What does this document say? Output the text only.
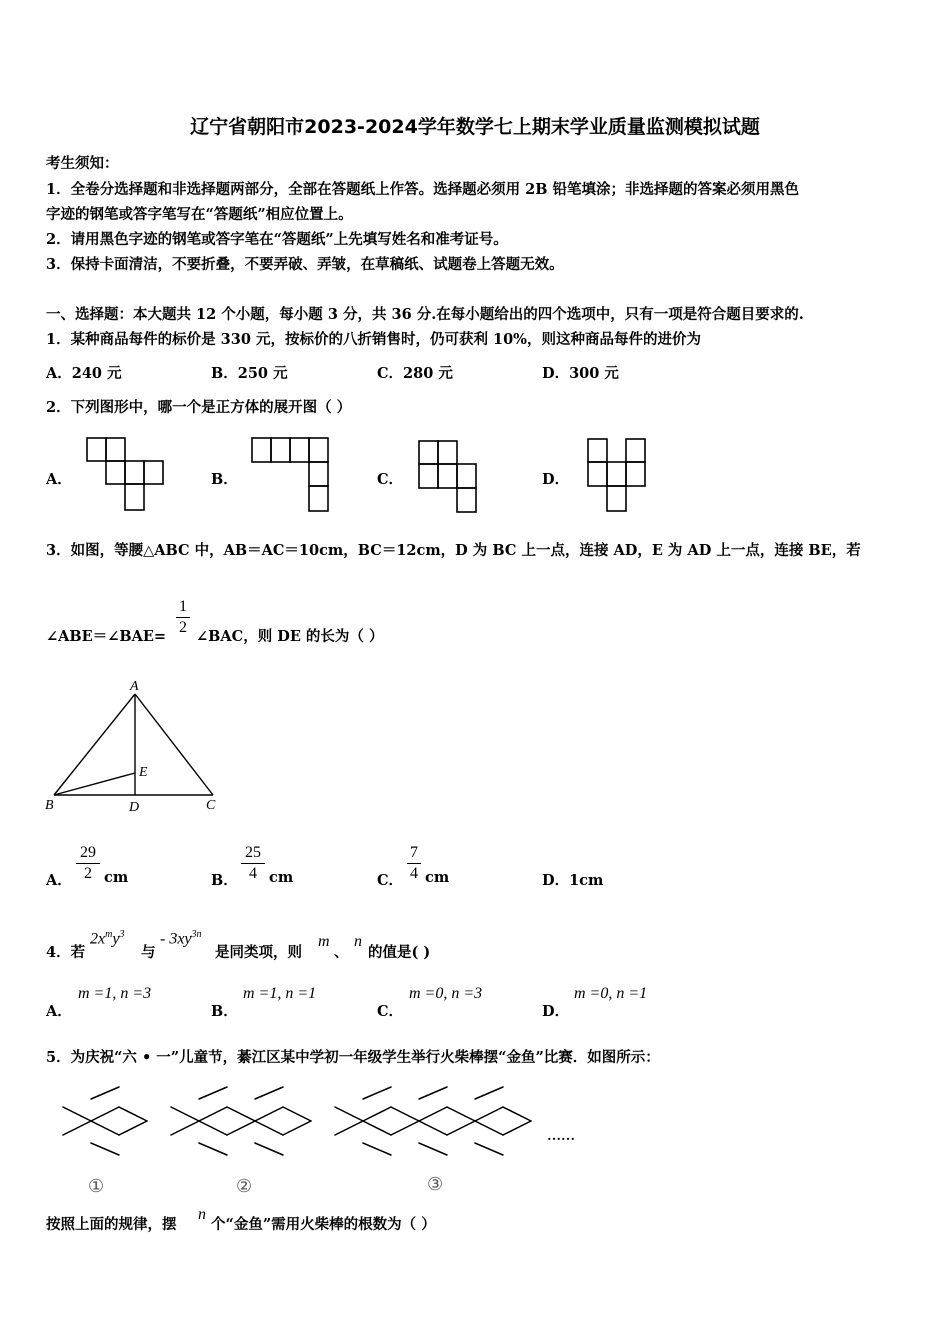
辽宁省朝阳市2023-2024学年数学七上期末学业质量监测模拟试题
考生须知：
1．全卷分选择题和非选择题两部分，全部在答题纸上作答。选择题必须用 2B 铅笔填涂；非选择题的答案必须用黑色
字迹的钢笔或答字笔写在“答题纸”相应位置上。
2．请用黑色字迹的钢笔或答字笔在“答题纸”上先填写姓名和准考证号。
3．保持卡面清洁，不要折叠，不要弄破、弄皱，在草稿纸、试题卷上答题无效。
一、选择题：本大题共 12 个小题，每小题 3 分，共 36 分.在每小题给出的四个选项中，只有一项是符合题目要求的.
1．某种商品每件的标价是 330 元，按标价的八折销售时，仍可获利 10%，则这种商品每件的进价为
A．240 元	B．250 元	C．280 元	D．300 元
2．下列图形中，哪一个是正方体的展开图（ ）
A．	B．	C．	D．
3．如图，等腰△ABC 中，AB＝AC＝10cm，BC＝12cm，D 为 BC 上一点，连接 AD，E 为 AD 上一点，连接 BE，若
∠ABE＝∠BAE=
1
2
∠BAC，则 DE 的长为（ ）
A
B	D	C
E
A．
29
2 cm	B．
25
4 cm	C．
7
4 cm	D．1cm
4．若
$2x^my^3$
与
- $3xy^{3n}$
是同类项，则
m
、
n
的值是( )
A．
m =1, n =3
B．
m =1, n =1
C．
m =0, n =3
D．
m =0, n =1
5．为庆祝“六 • 一”儿童节，綦江区某中学初一年级学生举行火柴棒摆“金鱼”比赛．如图所示：
……
①	②	③
按照上面的规律，摆
n
个“金鱼”需用火柴棒的根数为（ ）
